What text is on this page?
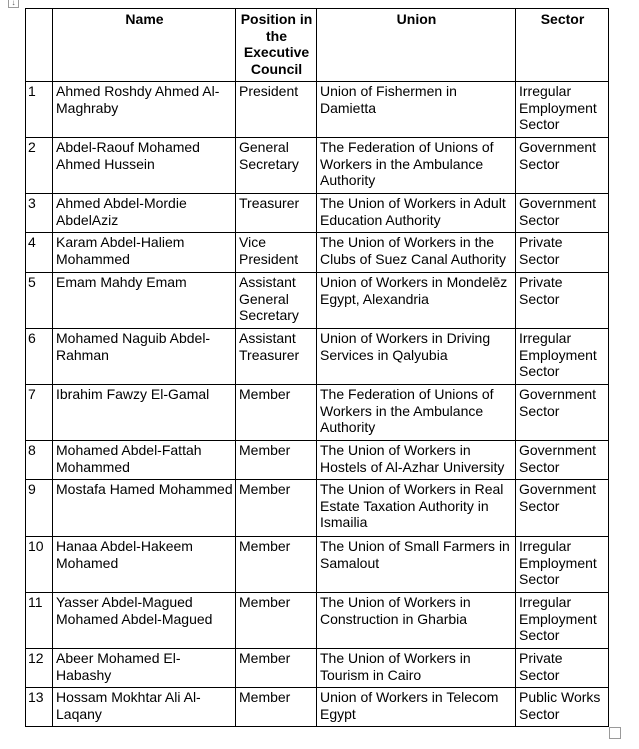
↓
	Name	Position in the Executive Council	Union	Sector
1	Ahmed Roshdy Ahmed Al-Maghraby	President	Union of Fishermen in Damietta	Irregular Employment Sector
2	Abdel-Raouf Mohamed Ahmed Hussein	General Secretary	The Federation of Unions of Workers in the Ambulance Authority	Government Sector
3	Ahmed Abdel-Mordie AbdelAziz	Treasurer	The Union of Workers in Adult Education Authority	Government Sector
4	Karam Abdel-Haliem Mohammed	Vice President	The Union of Workers in the Clubs of Suez Canal Authority	Private Sector
5	Emam Mahdy Emam	Assistant General Secretary	Union of Workers in Mondelēz Egypt, Alexandria	Private Sector
6	Mohamed Naguib Abdel-Rahman	Assistant Treasurer	Union of Workers in Driving Services in Qalyubia	Irregular Employment Sector
7	Ibrahim Fawzy El-Gamal	Member	The Federation of Unions of Workers in the Ambulance Authority	Government Sector
8	Mohamed Abdel-Fattah Mohammed	Member	The Union of Workers in Hostels of Al-Azhar University	Government Sector
9	Mostafa Hamed Mohammed	Member	The Union of Workers in Real Estate Taxation Authority in Ismailia	Government Sector
10	Hanaa Abdel-Hakeem Mohamed	Member	The Union of Small Farmers in Samalout	Irregular Employment Sector
11	Yasser Abdel-Magued Mohamed Abdel-Magued	Member	The Union of Workers in Construction in Gharbia	Irregular Employment Sector
12	Abeer Mohamed El-Habashy	Member	The Union of Workers in Tourism in Cairo	Private Sector
13	Hossam Mokhtar Ali Al-Laqany	Member	Union of Workers in Telecom Egypt	Public Works Sector
